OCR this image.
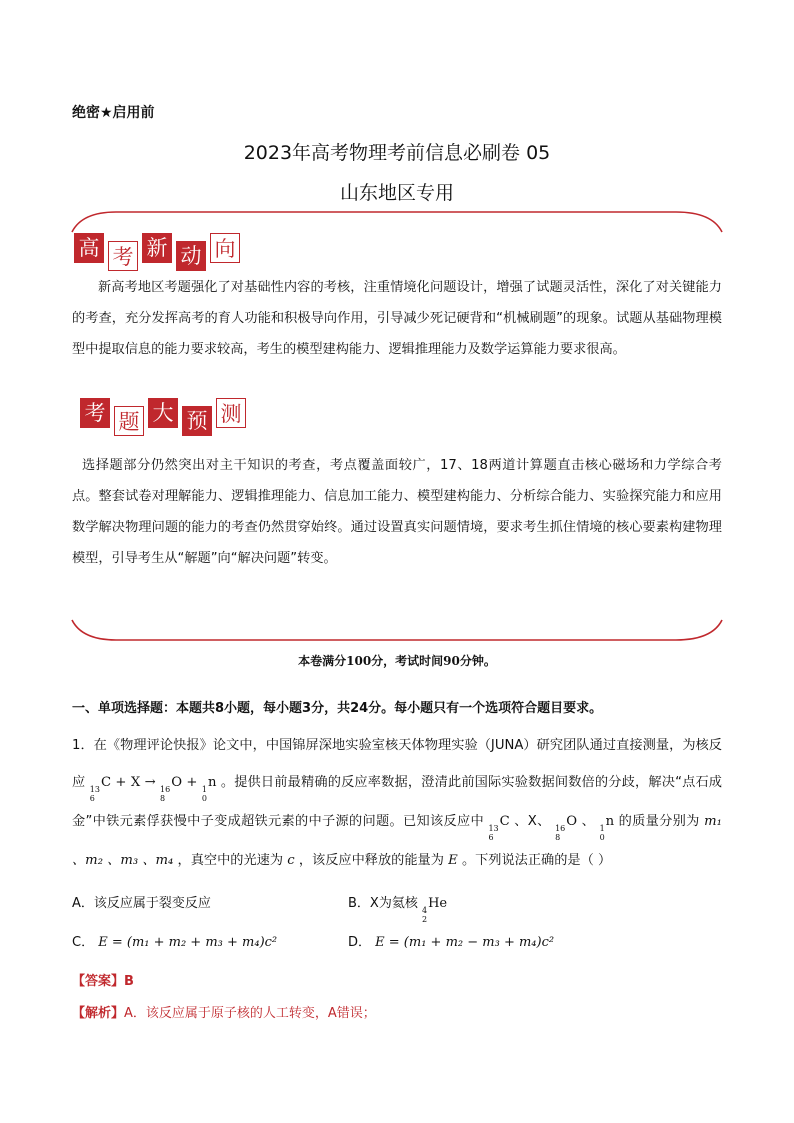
绝密★启用前
2023年高考物理考前信息必刷卷 05
山东地区专用
高 考 新 动 向
新高考地区考题强化了对基础性内容的考核，注重情境化问题设计，增强了试题灵活性，深化了对关键能力的考查，充分发挥高考的育人功能和积极导向作用，引导减少死记硬背和“机械刷题”的现象。试题从基础物理模型中提取信息的能力要求较高，考生的模型建构能力、逻辑推理能力及数学运算能力要求很高。
考 题 大 预 测
选择题部分仍然突出对主干知识的考查，考点覆盖面较广，17、18两道计算题直击核心磁场和力学综合考点。整套试卷对理解能力、逻辑推理能力、信息加工能力、模型建构能力、分析综合能力、实验探究能力和应用数学解决物理问题的能力的考查仍然贯穿始终。通过设置真实问题情境，要求考生抓住情境的核心要素构建物理模型，引导考生从“解题”向“解决问题”转变。
本卷满分100分，考试时间90分钟。
一、单项选择题：本题共8小题，每小题3分，共24分。每小题只有一个选项符合题目要求。
1．在《物理评论快报》论文中，中国锦屏深地实验室核天体物理实验（JUNA）研究团队通过直接测量，为核反应 13
6
C + X → 16
8
O + 1
0
n 。提供日前最精确的反应率数据，澄清此前国际实验数据间数倍的分歧，解决“点石成金”中铁元素俘获慢中子变成超铁元素的中子源的问题。已知该反应中 13
6
C 、X、 16
8
O 、 1
0
n 的质量分别为 m₁ 、m₂ 、m₃ 、m₄ ，真空中的光速为 c ，该反应中释放的能量为 E 。下列说法正确的是（ ）
A．该反应属于裂变反应	B．X为氦核 4
2
He
C． E = (m₁ + m₂ + m₃ + m₄)c²	D． E = (m₁ + m₂ − m₃ + m₄)c²
【答案】B
【解析】A．该反应属于原子核的人工转变，A错误；
